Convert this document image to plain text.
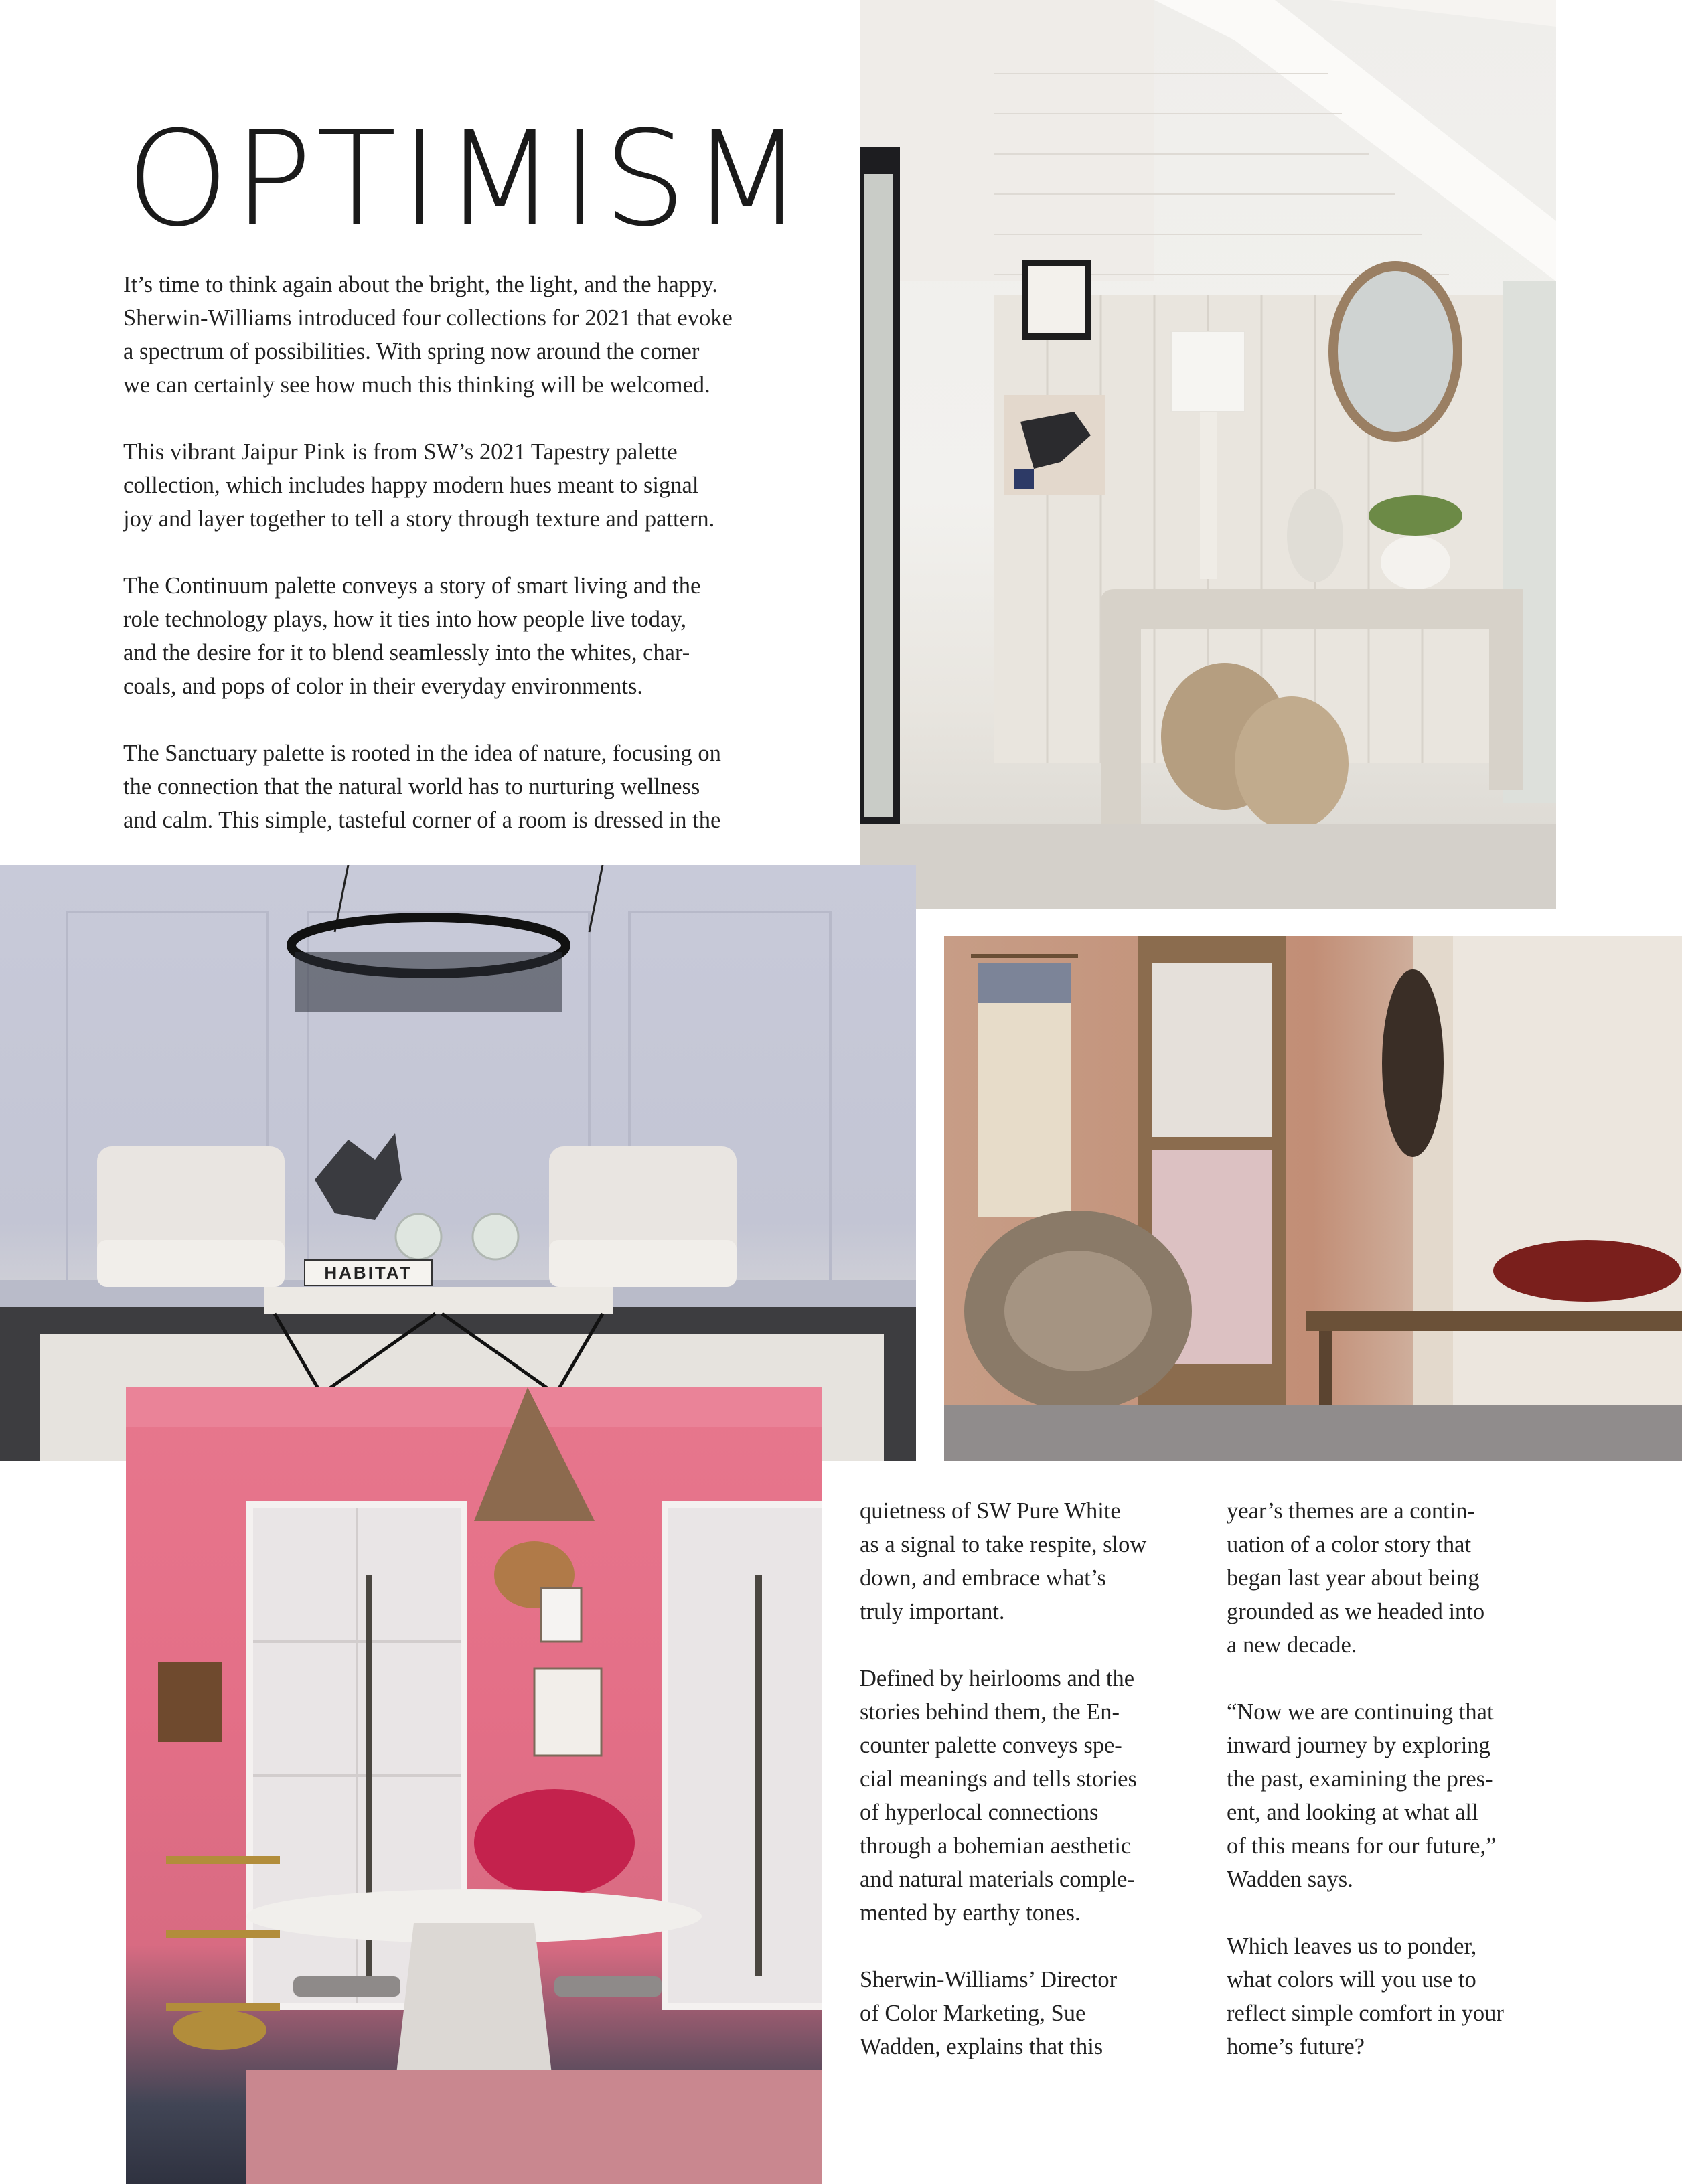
HABITAT
OPTIMISM

It’s time to think again about the bright, the light, and the happy.
Sherwin-Williams introduced four collections for 2021 that evoke
a spectrum of possibilities. With spring now around the corner
we can certainly see how much this thinking will be welcomed.

This vibrant Jaipur Pink is from SW’s 2021 Tapestry palette
collection, which includes happy modern hues meant to signal
joy and layer together to tell a story through texture and pattern.

The Continuum palette conveys a story of smart living and the
role technology plays, how it ties into how people live today,
and the desire for it to blend seamlessly into the whites, char-
coals, and pops of color in their everyday environments.

The Sanctuary palette is rooted in the idea of nature, focusing on
the connection that the natural world has to nurturing wellness
and calm. This simple, tasteful corner of a room is dressed in the

quietness of SW Pure White
as a signal to take respite, slow
down, and embrace what’s
truly important.

Defined by heirlooms and the
stories behind them, the En-
counter palette conveys spe-
cial meanings and tells stories
of hyperlocal connections
through a bohemian aesthetic
and natural materials comple-
mented by earthy tones.

Sherwin-Williams’ Director
of Color Marketing, Sue
Wadden, explains that this

year’s themes are a contin-
uation of a color story that
began last year about being
grounded as we headed into
a new decade.

“Now we are continuing that
inward journey by exploring
the past, examining the pres-
ent, and looking at what all
of this means for our future,”
Wadden says.

Which leaves us to ponder,
what colors will you use to
reflect simple comfort in your
home’s future?
